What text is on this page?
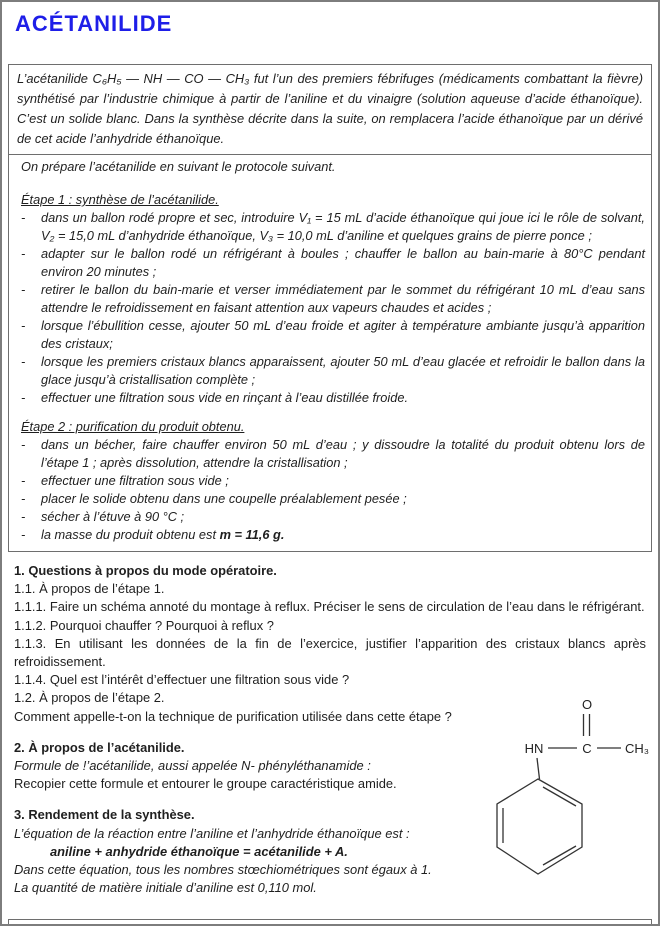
ACÉTANILIDE
L’acétanilide C₆H₅ — NH — CO — CH₃ fut l’un des premiers fébrifuges (médicaments combattant la fièvre) synthétisé par l’industrie chimique à partir de l’aniline et du vinaigre (solution aqueuse d’acide éthanoïque). C’est un solide blanc. Dans la synthèse décrite dans la suite, on remplacera l’acide éthanoïque par un dérivé de cet acide l’anhydride éthanoïque.

On prépare l’acétanilide en suivant le protocole suivant.

Étape 1 : synthèse de l’acétanilide.

-	dans un ballon rodé propre et sec, introduire V₁ = 15 mL d’acide éthanoïque qui joue ici le rôle de solvant, V₂ = 15,0 mL d’anhydride éthanoïque, V₃ = 10,0 mL d’aniline et quelques grains de pierre ponce ;
-	adapter sur le ballon rodé un réfrigérant à boules ; chauffer le ballon au bain-marie à 80°C pendant environ 20 minutes ;
-	retirer le ballon du bain-marie et verser immédiatement par le sommet du réfrigérant 10 mL d’eau sans attendre le refroidissement en faisant attention aux vapeurs chaudes et acides ;
-	lorsque l’ébullition cesse, ajouter 50 mL d’eau froide et agiter à température ambiante jusqu’à apparition des cristaux;
-	lorsque les premiers cristaux blancs apparaissent, ajouter 50 mL d’eau glacée et refroidir le ballon dans la glace jusqu’à cristallisation complète ;
-	effectuer une filtration sous vide en rinçant à l’eau distillée froide.

Étape 2 : purification du produit obtenu.

-	dans un bécher, faire chauffer environ 50 mL d’eau ; y dissoudre la totalité du produit obtenu lors de l’étape 1 ; après dissolution, attendre la cristallisation ;
-	effectuer une filtration sous vide ;
-	placer le solide obtenu dans une coupelle préalablement pesée ;
-	sécher à l’étuve à 90 °C ;
-	la masse du produit obtenu est m = 11,6 g.

1. Questions à propos du mode opératoire.

1.1. À propos de l’étape 1.

1.1.1. Faire un schéma annoté du montage à reflux. Préciser le sens de circulation de l’eau dans le réfrigérant.

1.1.2. Pourquoi chauffer ? Pourquoi à reflux ?

1.1.3. En utilisant les données de la fin de l’exercice, justifier l’apparition des cristaux blancs après refroidissement.

1.1.4. Quel est l’intérêt d’effectuer une filtration sous vide ?

1.2. À propos de l’étape 2.

Comment appelle-t-on la technique de purification utilisée dans cette étape ?

2. À propos de l’acétanilide.

Formule de !’acétanilide, aussi appelée N- phényléthanamide :

Recopier cette formule et entourer le groupe caractéristique amide.

3. Rendement de la synthèse.

L’équation de la réaction entre l’aniline et l’anhydride éthanoïque est :

aniline + anhydride éthanoïque = acétanilide + A.

Dans cette équation, tous les nombres stœchiométriques sont égaux à 1.

La quantité de matière initiale d’aniline est 0,110 mol.

O
HN	C	CH₃
